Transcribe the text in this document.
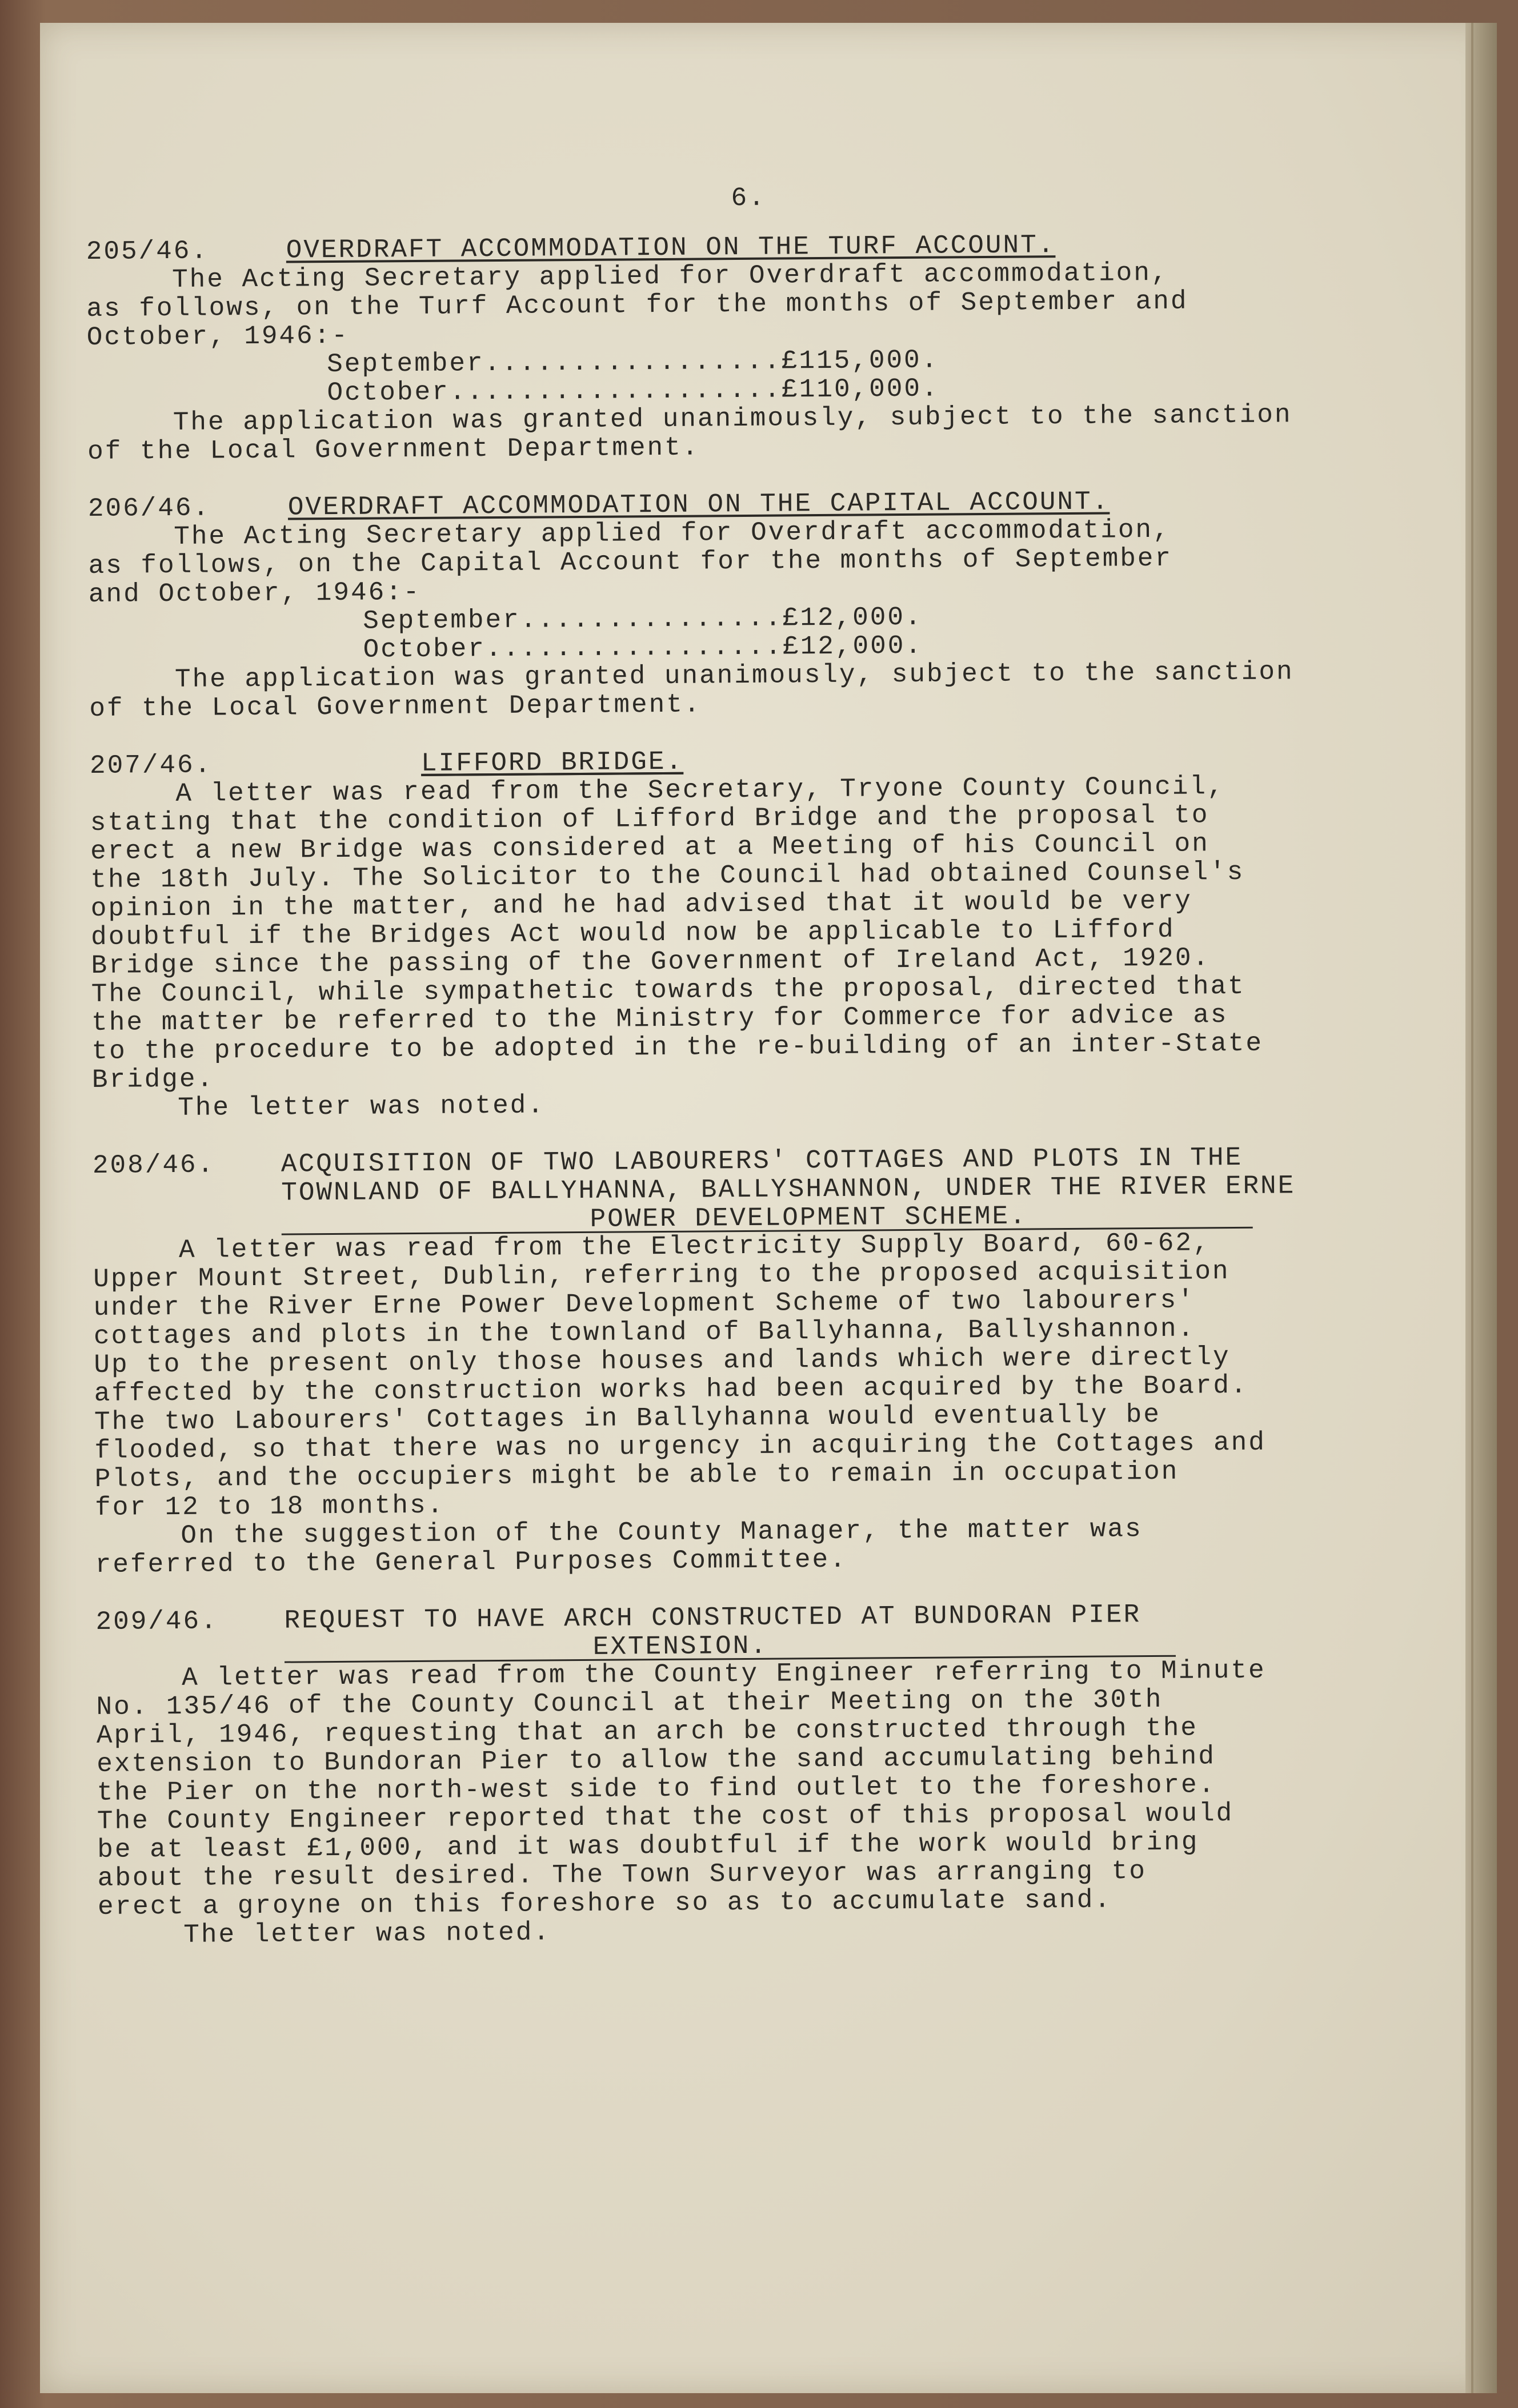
6.
205/46.	OVERDRAFT ACCOMMODATION ON THE TURF ACCOUNT.
The Acting Secretary applied for Overdraft accommodation,
as follows, on the Turf Account for the months of September and
October, 1946:-
September.................£115,000.
October...................£110,000.
The application was granted unanimously, subject to the sanction
of the Local Government Department.
206/46.	OVERDRAFT ACCOMMODATION ON THE CAPITAL ACCOUNT.
The Acting Secretary applied for Overdraft accommodation,
as follows, on the Capital Account for the months of September
and October, 1946:-
September...............£12,000.
October.................£12,000.
The application was granted unanimously, subject to the sanction
of the Local Government Department.
207/46.	LIFFORD BRIDGE.
A letter was read from the Secretary, Tryone County Council,
stating that the condition of Lifford Bridge and the proposal to
erect a new Bridge was considered at a Meeting of his Council on
the 18th July. The Solicitor to the Council had obtained Counsel's
opinion in the matter, and he had advised that it would be very
doubtful if the Bridges Act would now be applicable to Lifford
Bridge since the passing of the Government of Ireland Act, 1920.
The Council, while sympathetic towards the proposal, directed that
the matter be referred to the Ministry for Commerce for advice as
to the procedure to be adopted in the re-building of an inter-State
Bridge.
The letter was noted.
208/46.	ACQUISITION OF TWO LABOURERS' COTTAGES AND PLOTS IN THE
TOWNLAND OF BALLYHANNA, BALLYSHANNON, UNDER THE RIVER ERNE
POWER DEVELOPMENT SCHEME.
A letter was read from the Electricity Supply Board, 60-62,
Upper Mount Street, Dublin, referring to the proposed acquisition
under the River Erne Power Development Scheme of two labourers'
cottages and plots in the townland of Ballyhanna, Ballyshannon.
Up to the present only those houses and lands which were directly
affected by the construction works had been acquired by the Board.
The two Labourers' Cottages in Ballyhanna would eventually be
flooded, so that there was no urgency in acquiring the Cottages and
Plots, and the occupiers might be able to remain in occupation
for 12 to 18 months.
On the suggestion of the County Manager, the matter was
referred to the General Purposes Committee.
209/46.	REQUEST TO HAVE ARCH CONSTRUCTED AT BUNDORAN PIER
EXTENSION.
A letter was read from the County Engineer referring to Minute
No. 135/46 of the County Council at their Meeting on the 30th
April, 1946, requesting that an arch be constructed through the
extension to Bundoran Pier to allow the sand accumulating behind
the Pier on the north-west side to find outlet to the foreshore.
The County Engineer reported that the cost of this proposal would
be at least £1,000, and it was doubtful if the work would bring
about the result desired. The Town Surveyor was arranging to
erect a groyne on this foreshore so as to accumulate sand.
The letter was noted.
